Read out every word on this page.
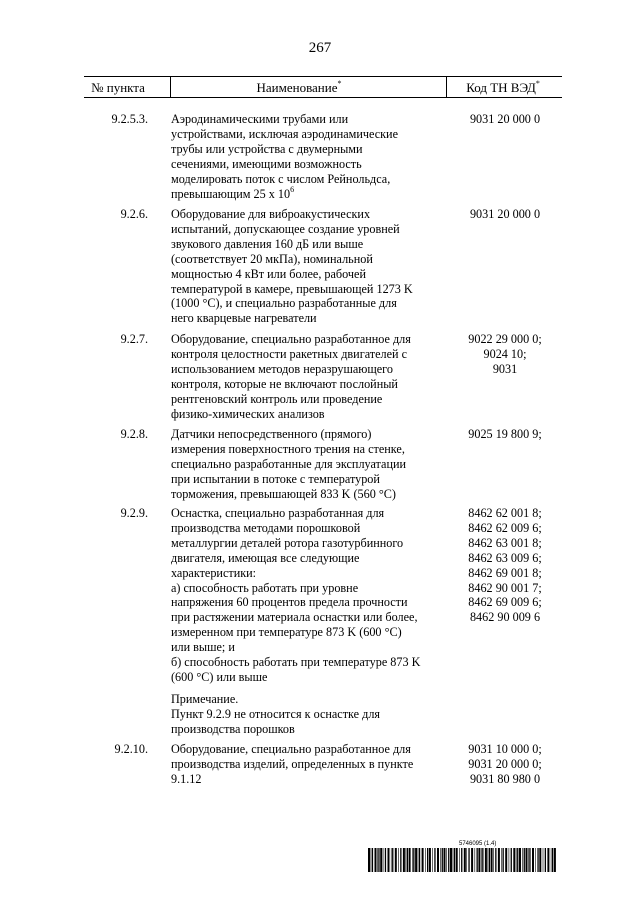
267
№ пункта	Наименование*	Код ТН ВЭД*
9.2.5.3. Аэродинамическими трубами или
устройствами, исключая аэродинамические
трубы или устройства с двумерными
сечениями, имеющими возможность
моделировать поток с числом Рейнольдса,
превышающим 25 x $10^6$
9031 20 000 0
9.2.6. Оборудование для виброакустических
испытаний, допускающее создание уровней
звукового давления 160 дБ или выше
(соответствует 20 мкПа), номинальной
мощностью 4 кВт или более, рабочей
температурой в камере, превышающей 1273 K
(1000 °C), и специально разработанные для
него кварцевые нагреватели
9031 20 000 0
9.2.7. Оборудование, специально разработанное для
контроля целостности ракетных двигателей с
использованием методов неразрушающего
контроля, которые не включают послойный
рентгеновский контроль или проведение
физико-химических анализов
9022 29 000 0;
9024 10;
9031
9.2.8. Датчики непосредственного (прямого)
измерения поверхностного трения на стенке,
специально разработанные для эксплуатации
при испытании в потоке с температурой
торможения, превышающей 833 K (560 °C)
9025 19 800 9;
9.2.9. Оснастка, специально разработанная для
производства методами порошковой
металлургии деталей ротора газотурбинного
двигателя, имеющая все следующие
характеристики:
а) способность работать при уровне
напряжения 60 процентов предела прочности
при растяжении материала оснастки или более,
измеренном при температуре 873 K (600 °C)
или выше; и
б) способность работать при температуре 873 K
(600 °C) или выше
8462 62 001 8;
8462 62 009 6;
8462 63 001 8;
8462 63 009 6;
8462 69 001 8;
8462 90 001 7;
8462 69 009 6;
8462 90 009 6
Примечание.
Пункт 9.2.9 не относится к оснастке для
производства порошков
9.2.10. Оборудование, специально разработанное для
производства изделий, определенных в пункте
9.1.12
9031 10 000 0;
9031 20 000 0;
9031 80 980 0
5746095 (1.4)
